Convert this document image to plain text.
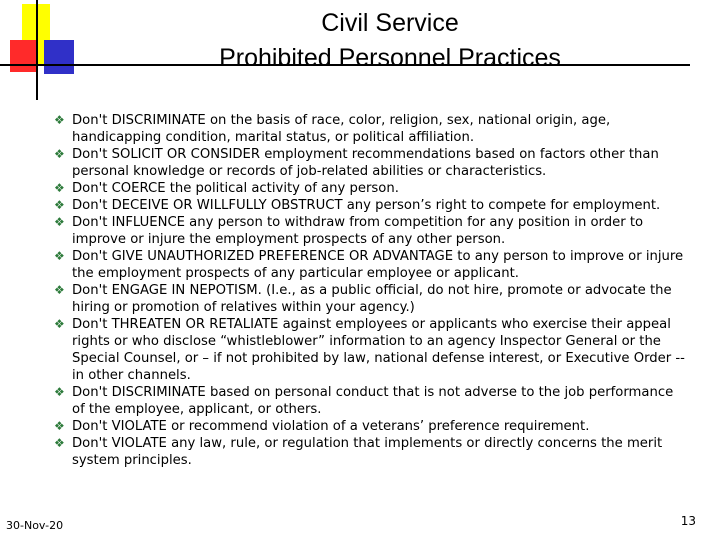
Civil Service
Prohibited Personnel Practices
❖ Don't DISCRIMINATE on the basis of race, color, religion, sex, national origin, age, handicapping condition, marital status, or political affiliation.
❖ Don't SOLICIT OR CONSIDER employment recommendations based on factors other than personal knowledge or records of job-related abilities or characteristics.
❖ Don't COERCE the political activity of any person.
❖ Don't DECEIVE OR WILLFULLY OBSTRUCT any person’s right to compete for employment.
❖ Don't INFLUENCE any person to withdraw from competition for any position in order to improve or injure the employment prospects of any other person.
❖ Don't GIVE UNAUTHORIZED PREFERENCE OR ADVANTAGE to any person to improve or injure the employment prospects of any particular employee or applicant.
❖ Don't ENGAGE IN NEPOTISM. (I.e., as a public official, do not hire, promote or advocate the hiring or promotion of relatives within your agency.)
❖ Don't THREATEN OR RETALIATE against employees or applicants who exercise their appeal rights or who disclose “whistleblower” information to an agency Inspector General or the Special Counsel, or – if not prohibited by law, national defense interest, or Executive Order -- in other channels.
❖ Don't DISCRIMINATE based on personal conduct that is not adverse to the job performance of the employee, applicant, or others.
❖ Don't VIOLATE or recommend violation of a veterans’ preference requirement.
❖ Don't VIOLATE any law, rule, or regulation that implements or directly concerns the merit system principles.
30-Nov-20	13
